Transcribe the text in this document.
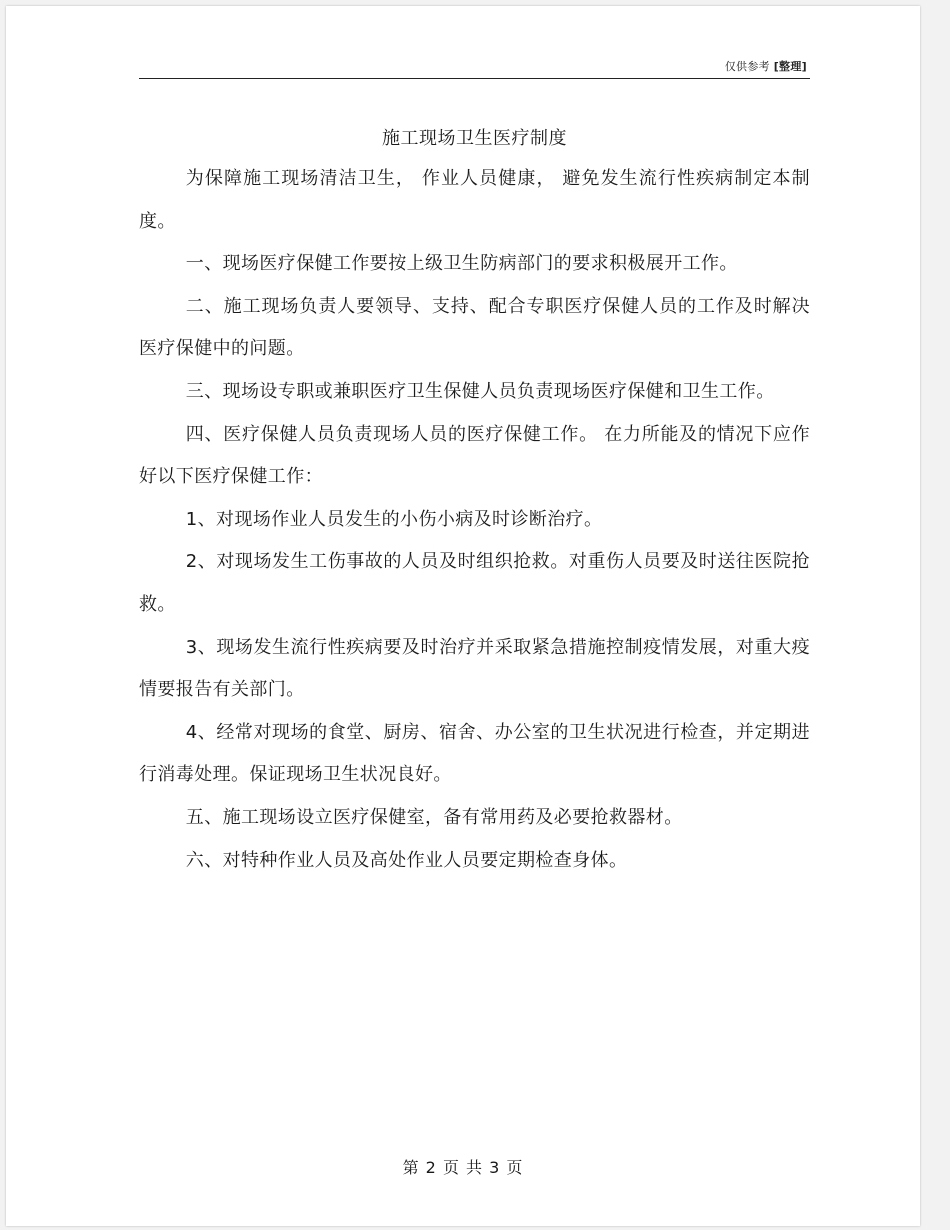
仅供参考 [整理]
施工现场卫生医疗制度

为保障施工现场清洁卫生， 作业人员健康， 避免发生流行性疾病制定本制度。

一、现场医疗保健工作要按上级卫生防病部门的要求积极展开工作。

二、施工现场负责人要领导、支持、配合专职医疗保健人员的工作及时解决医疗保健中的问题。

三、现场设专职或兼职医疗卫生保健人员负责现场医疗保健和卫生工作。

四、医疗保健人员负责现场人员的医疗保健工作。 在力所能及的情况下应作好以下医疗保健工作：

1、对现场作业人员发生的小伤小病及时诊断治疗。

2、对现场发生工伤事故的人员及时组织抢救。对重伤人员要及时送往医院抢救。

3、现场发生流行性疾病要及时治疗并采取紧急措施控制疫情发展，对重大疫情要报告有关部门。

4、经常对现场的食堂、厨房、宿舍、办公室的卫生状况进行检查，并定期进行消毒处理。保证现场卫生状况良好。

五、施工现场设立医疗保健室，备有常用药及必要抢救器材。

六、对特种作业人员及高处作业人员要定期检查身体。

第 2 页 共 3 页
